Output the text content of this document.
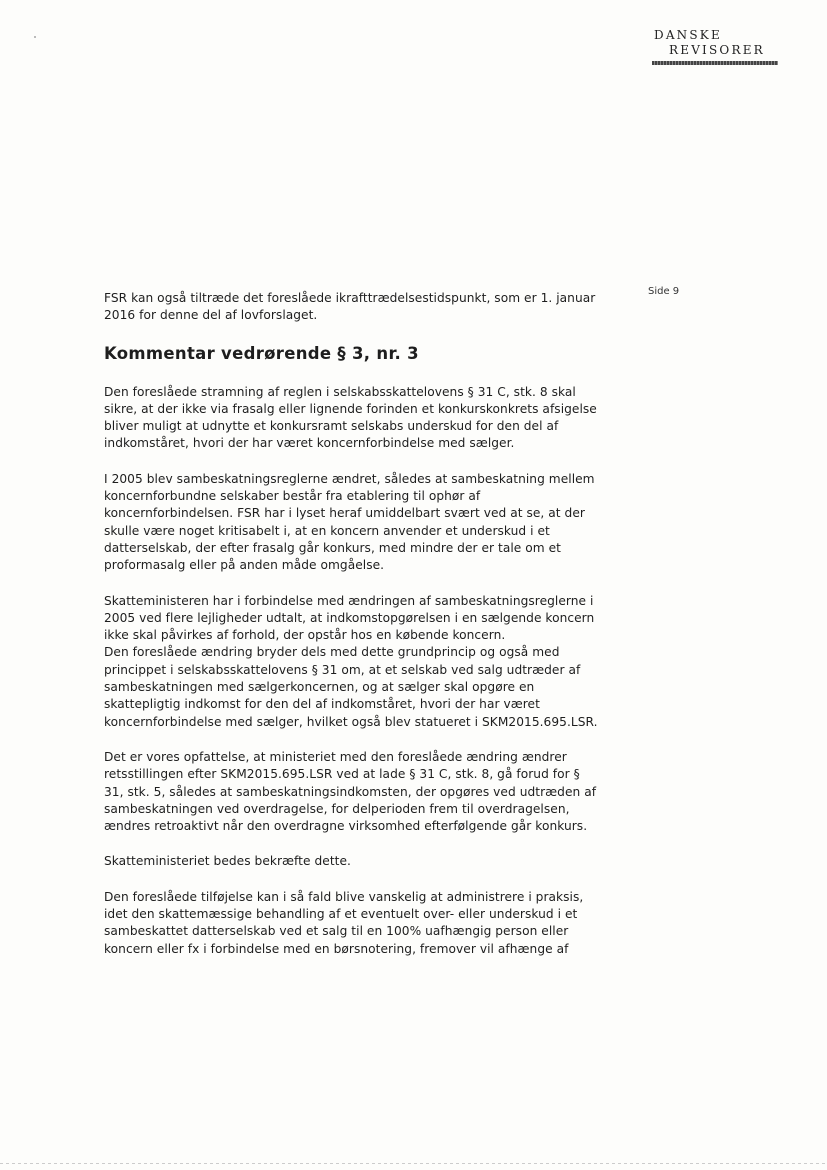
DANSKE
REVISORER
Side 9

FSR kan også tiltræde det foreslåede ikrafttrædelsestidspunkt, som er 1. januar 2016 for denne del af lovforslaget.

Kommentar vedrørende § 3, nr. 3

Den foreslåede stramning af reglen i selskabsskattelovens § 31 C, stk. 8 skal sikre, at der ikke via frasalg eller lignende forinden et konkurskonkrets afsigelse bliver muligt at udnytte et konkursramt selskabs underskud for den del af indkomståret, hvori der har været koncernforbindelse med sælger.

I 2005 blev sambeskatningsreglerne ændret, således at sambeskatning mellem koncernforbundne selskaber består fra etablering til ophør af koncernforbindelsen. FSR har i lyset heraf umiddelbart svært ved at se, at der skulle være noget kritisabelt i, at en koncern anvender et underskud i et datterselskab, der efter frasalg går konkurs, med mindre der er tale om et proformasalg eller på anden måde omgåelse.

Skatteministeren har i forbindelse med ændringen af sambeskatningsreglerne i 2005 ved flere lejligheder udtalt, at indkomstopgørelsen i en sælgende koncern ikke skal påvirkes af forhold, der opstår hos en købende koncern.

Den foreslåede ændring bryder dels med dette grundprincip og også med princippet i selskabsskattelovens § 31 om, at et selskab ved salg udtræder af sambeskatningen med sælgerkoncernen, og at sælger skal opgøre en skattepligtig indkomst for den del af indkomståret, hvori der har været koncernforbindelse med sælger, hvilket også blev statueret i SKM2015.695.LSR.

Det er vores opfattelse, at ministeriet med den foreslåede ændring ændrer retsstillingen efter SKM2015.695.LSR ved at lade § 31 C, stk. 8, gå forud for § 31, stk. 5, således at sambeskatningsindkomsten, der opgøres ved udtræden af sambeskatningen ved overdragelse, for delperioden frem til overdragelsen, ændres retroaktivt når den overdragne virksomhed efterfølgende går konkurs.

Skatteministeriet bedes bekræfte dette.

Den foreslåede tilføjelse kan i så fald blive vanskelig at administrere i praksis, idet den skattemæssige behandling af et eventuelt over- eller underskud i et sambeskattet datterselskab ved et salg til en 100% uafhængig person eller koncern eller fx i forbindelse med en børsnotering, fremover vil afhænge af
